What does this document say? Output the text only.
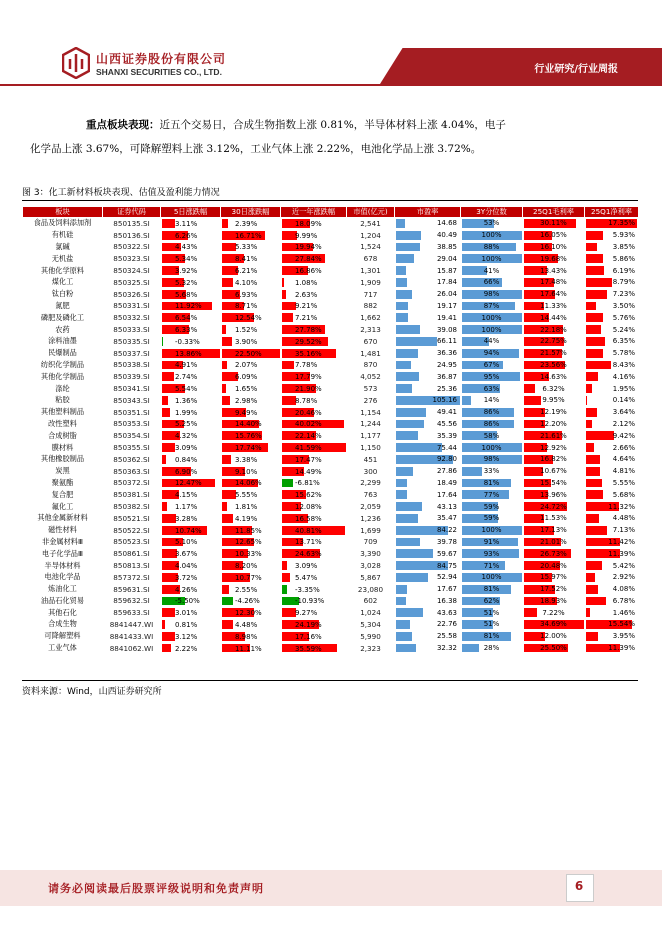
山西证券股份有限公司
SHANXI SECURITIES CO., LTD.	行业研究/行业周报
重点板块表现：近五个交易日，合成生物指数上涨 0.81%，半导体材料上涨 4.04%，电子
化学品上涨 3.67%，可降解塑料上涨 3.12%，工业气体上涨 2.22%，电池化学品上涨 3.72%。
图 3：化工新材料板块表现、估值及盈利能力情况
板块	证券代码	5日涨跌幅	30日涨跌幅	近一年涨跌幅	市值(亿元)	市盈率	3Y分位数	25Q1毛利率	25Q1净利率
食品及饲料添加剂	850135.SI	3.11%	2.39%	18.09%	2,541	14.68	53%	30.11%	17.35%

有机硅	850136.SI	6.26%	16.71%	9.99%	1,204	40.49	100%	16.05%	5.93%

氯碱	850322.SI	4.43%	5.33%	19.94%	1,524	38.85	88%	16.10%	3.85%

无机盐	850323.SI	5.34%	8.41%	27.84%	678	29.04	100%	19.68%	5.86%

其他化学原料	850324.SI	3.92%	6.21%	16.86%	1,301	15.87	41%	13.43%	6.19%

煤化工	850325.SI	5.32%	4.10%	1.08%	1,909	17.84	66%	17.48%	8.79%

钛白粉	850326.SI	5.68%	6.93%	2.63%	717	26.04	98%	17.64%	7.23%

氮肥	850331.SI	11.92%	8.71%	9.21%	882	19.17	87%	11.33%	3.50%

磷肥及磷化工	850332.SI	6.54%	12.54%	7.21%	1,662	19.41	100%	14.44%	5.76%

农药	850333.SI	6.33%	1.52%	27.78%	2,313	39.08	100%	22.18%	5.24%

涂料油墨	850335.SI	-0.33%	3.90%	29.52%	670	66.11	44%	22.75%	6.35%

民爆制品	850337.SI	13.86%	22.50%	35.16%	1,481	36.36	94%	21.57%	5.78%

纺织化学制品	850338.SI	4.91%	2.07%	7.78%	870	24.95	67%	23.56%	8.43%

其他化学制品	850339.SI	2.74%	6.09%	17.79%	4,052	36.87	95%	14.63%	4.16%

涤纶	850341.SI	5.54%	1.65%	21.90%	573	25.36	63%	6.32%	1.95%

粘胶	850343.SI	1.36%	2.98%	8.78%	276	105.16	14%	9.95%	0.14%

其他塑料制品	850351.SI	1.99%	9.49%	20.46%	1,154	49.41	86%	12.19%	3.64%

改性塑料	850353.SI	5.25%	14.40%	40.02%	1,244	45.56	86%	12.20%	2.12%

合成树脂	850354.SI	4.32%	15.76%	22.14%	1,177	35.39	58%	21.61%	9.42%

膜材料	850355.SI	3.09%	17.74%	41.59%	1,150	75.44	100%	12.92%	2.66%

其他橡胶制品	850362.SI	0.84%	3.38%	17.47%	451	92.80	98%	16.82%	4.64%

炭黑	850363.SI	6.90%	9.10%	14.49%	300	27.86	33%	10.67%	4.81%

聚氨酯	850372.SI	12.47%	14.06%	-6.81%	2,299	18.49	81%	15.54%	5.55%

复合肥	850381.SI	4.15%	5.55%	15.62%	763	17.64	77%	13.96%	5.68%

氟化工	850382.SI	1.17%	1.81%	12.08%	2,059	43.13	59%	24.72%	11.32%

其他金属新材料	850521.SI	3.28%	4.19%	16.58%	1,236	35.47	59%	11.53%	4.48%

磁性材料	850522.SI	10.74%	11.85%	40.81%	1,699	84.22	100%	17.13%	7.13%

非金属材料Ⅲ	850523.SI	5.10%	12.65%	13.71%	709	39.78	91%	21.01%	11.42%

电子化学品Ⅲ	850861.SI	3.67%	10.33%	24.63%	3,390	59.67	93%	26.73%	11.39%

半导体材料	850813.SI	4.04%	8.20%	3.09%	3,028	84.75	71%	20.48%	5.42%

电池化学品	857372.SI	3.72%	10.77%	5.47%	5,867	52.94	100%	15.97%	2.92%

炼油化工	859631.SI	4.26%	2.55%	-3.35%	23,080	17.67	81%	17.52%	4.08%

油品石化贸易	859632.SI	-5.50%	-4.26%	-10.93%	602	16.38	62%	18.93%	6.78%

其他石化	859633.SI	3.01%	12.30%	9.27%	1,024	43.63	51%	7.22%	1.46%

合成生物	8841447.WI	0.81%	4.48%	24.19%	5,304	22.76	51%	34.69%	15.54%

可降解塑料	8841433.WI	3.12%	8.98%	17.16%	5,990	25.58	81%	12.00%	3.95%

工业气体	8841062.WI	2.22%	11.11%	35.59%	2,323	32.32	28%	25.50%	11.39%
资料来源：Wind，山西证券研究所
请务必阅读最后股票评级说明和免责声明	6
